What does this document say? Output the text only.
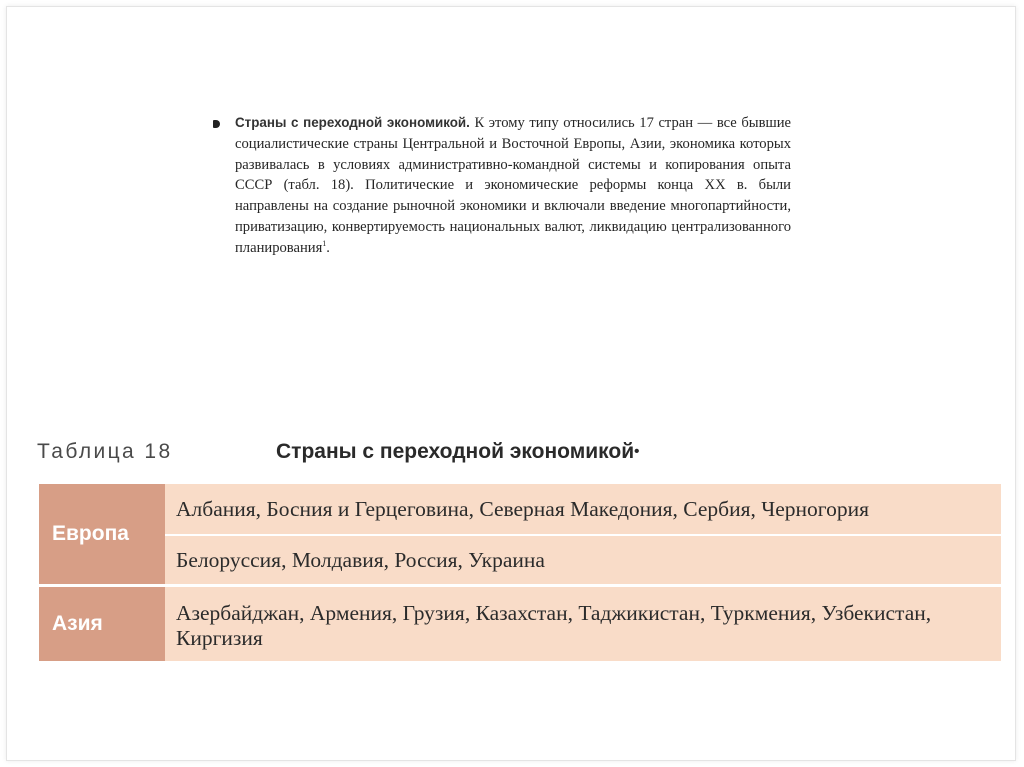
Страны с переходной экономикой. К этому типу относились 17 стран — все бывшие социалистические страны Центральной и Восточной Европы, Азии, экономика которых развивалась в условиях административно-командной системы и копирования опыта СССР (табл. 18). Политические и экономические реформы конца XX в. были направлены на создание рыночной экономики и включали введение многопартийности, приватизацию, конвертируемость национальных валют, ликвидацию централизованного планирования$^1$.
Таблица 18	Страны с переходной экономикой•
Европа	Албания, Босния и Герцеговина, Северная Македония, Сербия, Черногория
	Белоруссия, Молдавия, Россия, Украина
Азия	Азербайджан, Армения, Грузия, Казахстан, Таджикистан, Туркмения, Узбекистан, Киргизия
